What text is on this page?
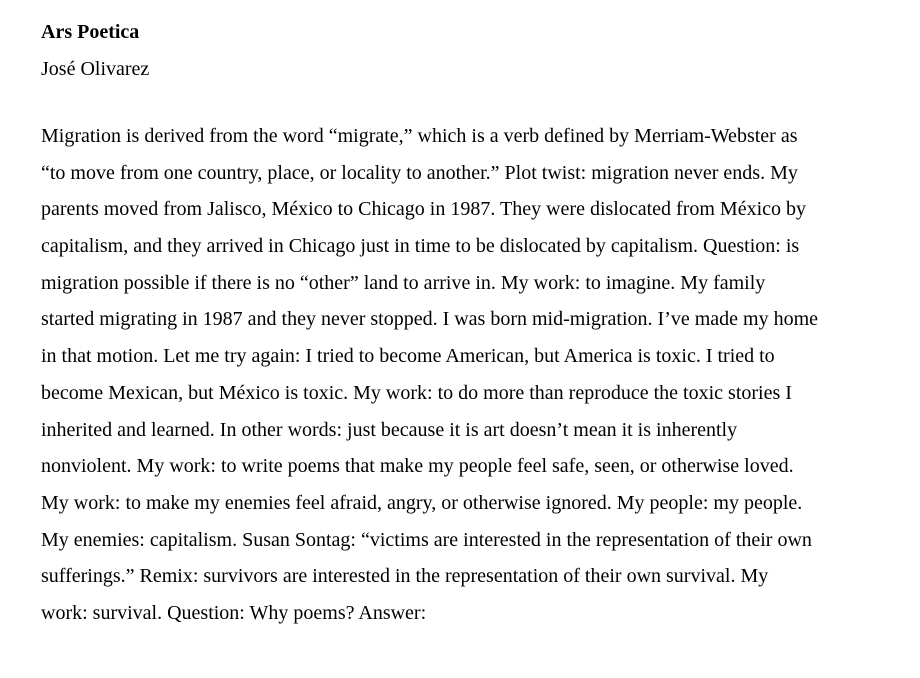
Ars Poetica
José Olivarez
Migration is derived from the word “migrate,” which is a verb defined by Merriam-Webster as
“to move from one country, place, or locality to another.” Plot twist: migration never ends. My
parents moved from Jalisco, México to Chicago in 1987. They were dislocated from México by
capitalism, and they arrived in Chicago just in time to be dislocated by capitalism. Question: is
migration possible if there is no “other” land to arrive in. My work: to imagine. My family
started migrating in 1987 and they never stopped. I was born mid-migration. I’ve made my home
in that motion. Let me try again: I tried to become American, but America is toxic. I tried to
become Mexican, but México is toxic. My work: to do more than reproduce the toxic stories I
inherited and learned. In other words: just because it is art doesn’t mean it is inherently
nonviolent. My work: to write poems that make my people feel safe, seen, or otherwise loved.
My work: to make my enemies feel afraid, angry, or otherwise ignored. My people: my people.
My enemies: capitalism. Susan Sontag: “victims are interested in the representation of their own
sufferings.” Remix: survivors are interested in the representation of their own survival. My
work: survival. Question: Why poems? Answer:
